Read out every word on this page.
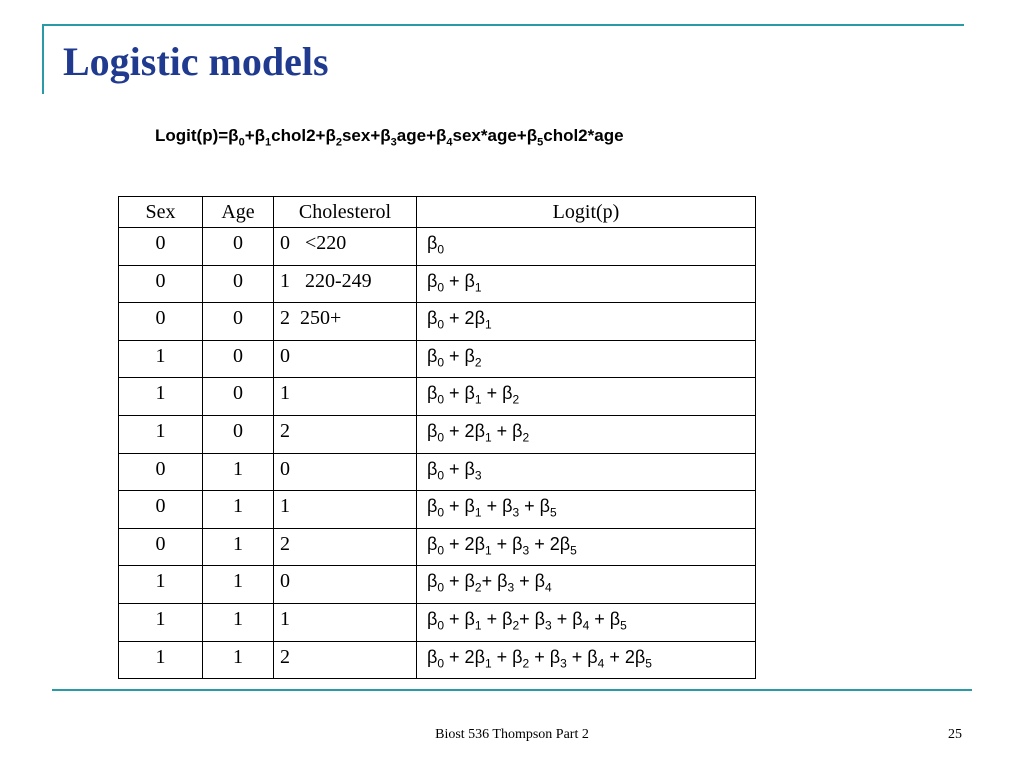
Logistic models
$Logit(p)=\beta_0+\beta_1chol2+\beta_2sex+\beta_3age+\beta_4sex*age+\beta_5chol2*age$
Sex	Age	Cholesterol	Logit(p)
0	0	0   <220	$\beta_0$
0	0	1   220-249	$\beta_0 + \beta_1$
0	0	2  250+	$\beta_0 + 2\beta_1$
1	0	0	$\beta_0 + \beta_2$
1	0	1	$\beta_0 + \beta_1 + \beta_2$
1	0	2	$\beta_0 + 2\beta_1 + \beta_2$
0	1	0	$\beta_0 + \beta_3$
0	1	1	$\beta_0 + \beta_1 + \beta_3 + \beta_5$
0	1	2	$\beta_0 + 2\beta_1 + \beta_3 + 2\beta_5$
1	1	0	$\beta_0 + \beta_2+ \beta_3 + \beta_4$
1	1	1	$\beta_0 + \beta_1 + \beta_2+ \beta_3 + \beta_4 + \beta_5$
1	1	2	$\beta_0 + 2\beta_1 + \beta_2 + \beta_3 + \beta_4 + 2\beta_5$
Biost 536 Thompson Part 2	25
